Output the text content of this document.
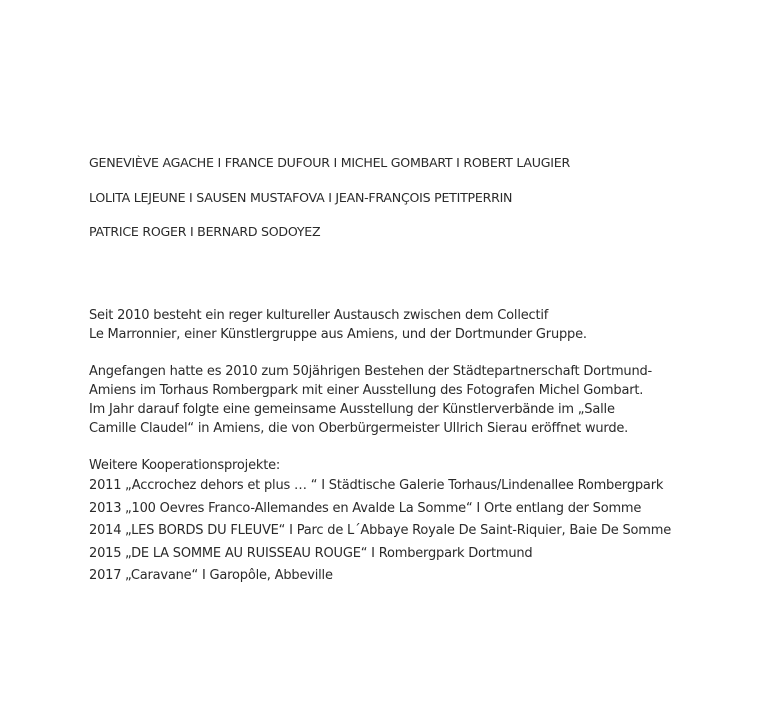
GENEVIÈVE AGACHE I FRANCE DUFOUR I MICHEL GOMBART I ROBERT LAUGIER
LOLITA LEJEUNE I SAUSEN MUSTAFOVA I JEAN-FRANÇOIS PETITPERRIN
PATRICE ROGER I BERNARD SODOYEZ

Seit 2010 besteht ein reger kultureller Austausch zwischen dem Collectif
Le Marronnier, einer Künstlergruppe aus Amiens, und der Dortmunder Gruppe.

Angefangen hatte es 2010 zum 50jährigen Bestehen der Städtepartnerschaft Dortmund-
Amiens im Torhaus Rombergpark mit einer Ausstellung des Fotografen Michel Gombart.
Im Jahr darauf folgte eine gemeinsame Ausstellung der Künstlerverbände im „Salle
Camille Claudel“ in Amiens, die von Oberbürgermeister Ullrich Sierau eröffnet wurde.

Weitere Kooperationsprojekte:
2011 „Accrochez dehors et plus … “ I Städtische Galerie Torhaus/Lindenallee Rombergpark
2013 „100 Oevres Franco-Allemandes en Avalde La Somme“ I Orte entlang der Somme
2014 „LES BORDS DU FLEUVE“ I Parc de L´Abbaye Royale De Saint-Riquier, Baie De Somme
2015 „DE LA SOMME AU RUISSEAU ROUGE“ I Rombergpark Dortmund
2017 „Caravane“ I Garopôle, Abbeville
